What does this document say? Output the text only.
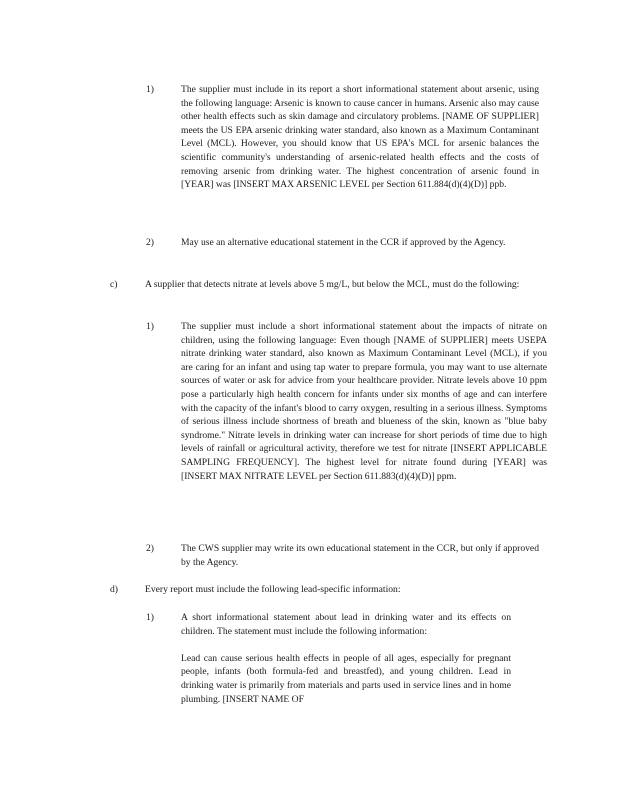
1)	The supplier must include in its report a short informational statement about arsenic, using the following language: Arsenic is known to cause cancer in humans. Arsenic also may cause other health effects such as skin damage and circulatory problems. [NAME OF SUPPLIER] meets the US EPA arsenic drinking water standard, also known as a Maximum Contaminant Level (MCL). However, you should know that US EPA's MCL for arsenic balances the scientific community's understanding of arsenic-related health effects and the costs of removing arsenic from drinking water. The highest concentration of arsenic found in [YEAR] was [INSERT MAX ARSENIC LEVEL per Section 611.884(d)(4)(D)] ppb.

2)	May use an alternative educational statement in the CCR if approved by the Agency.

c)	A supplier that detects nitrate at levels above 5 mg/L, but below the MCL, must do the following:

1)	The supplier must include a short informational statement about the impacts of nitrate on children, using the following language: Even though [NAME of SUPPLIER] meets USEPA nitrate drinking water standard, also known as Maximum Contaminant Level (MCL), if you are caring for an infant and using tap water to prepare formula, you may want to use alternate sources of water or ask for advice from your healthcare provider. Nitrate levels above 10 ppm pose a particularly high health concern for infants under six months of age and can interfere with the capacity of the infant's blood to carry oxygen, resulting in a serious illness. Symptoms of serious illness include shortness of breath and blueness of the skin, known as "blue baby syndrome." Nitrate levels in drinking water can increase for short periods of time due to high levels of rainfall or agricultural activity, therefore we test for nitrate [INSERT APPLICABLE SAMPLING FREQUENCY]. The highest level for nitrate found during [YEAR] was [INSERT MAX NITRATE LEVEL per Section 611.883(d)(4)(D)] ppm.

2)	The CWS supplier may write its own educational statement in the CCR, but only if approved by the Agency.

d)	Every report must include the following lead-specific information:

1)	A short informational statement about lead in drinking water and its effects on children. The statement must include the following information:

Lead can cause serious health effects in people of all ages, especially for pregnant people, infants (both formula-fed and breastfed), and young children. Lead in drinking water is primarily from materials and parts used in service lines and in home plumbing. [INSERT NAME OF
